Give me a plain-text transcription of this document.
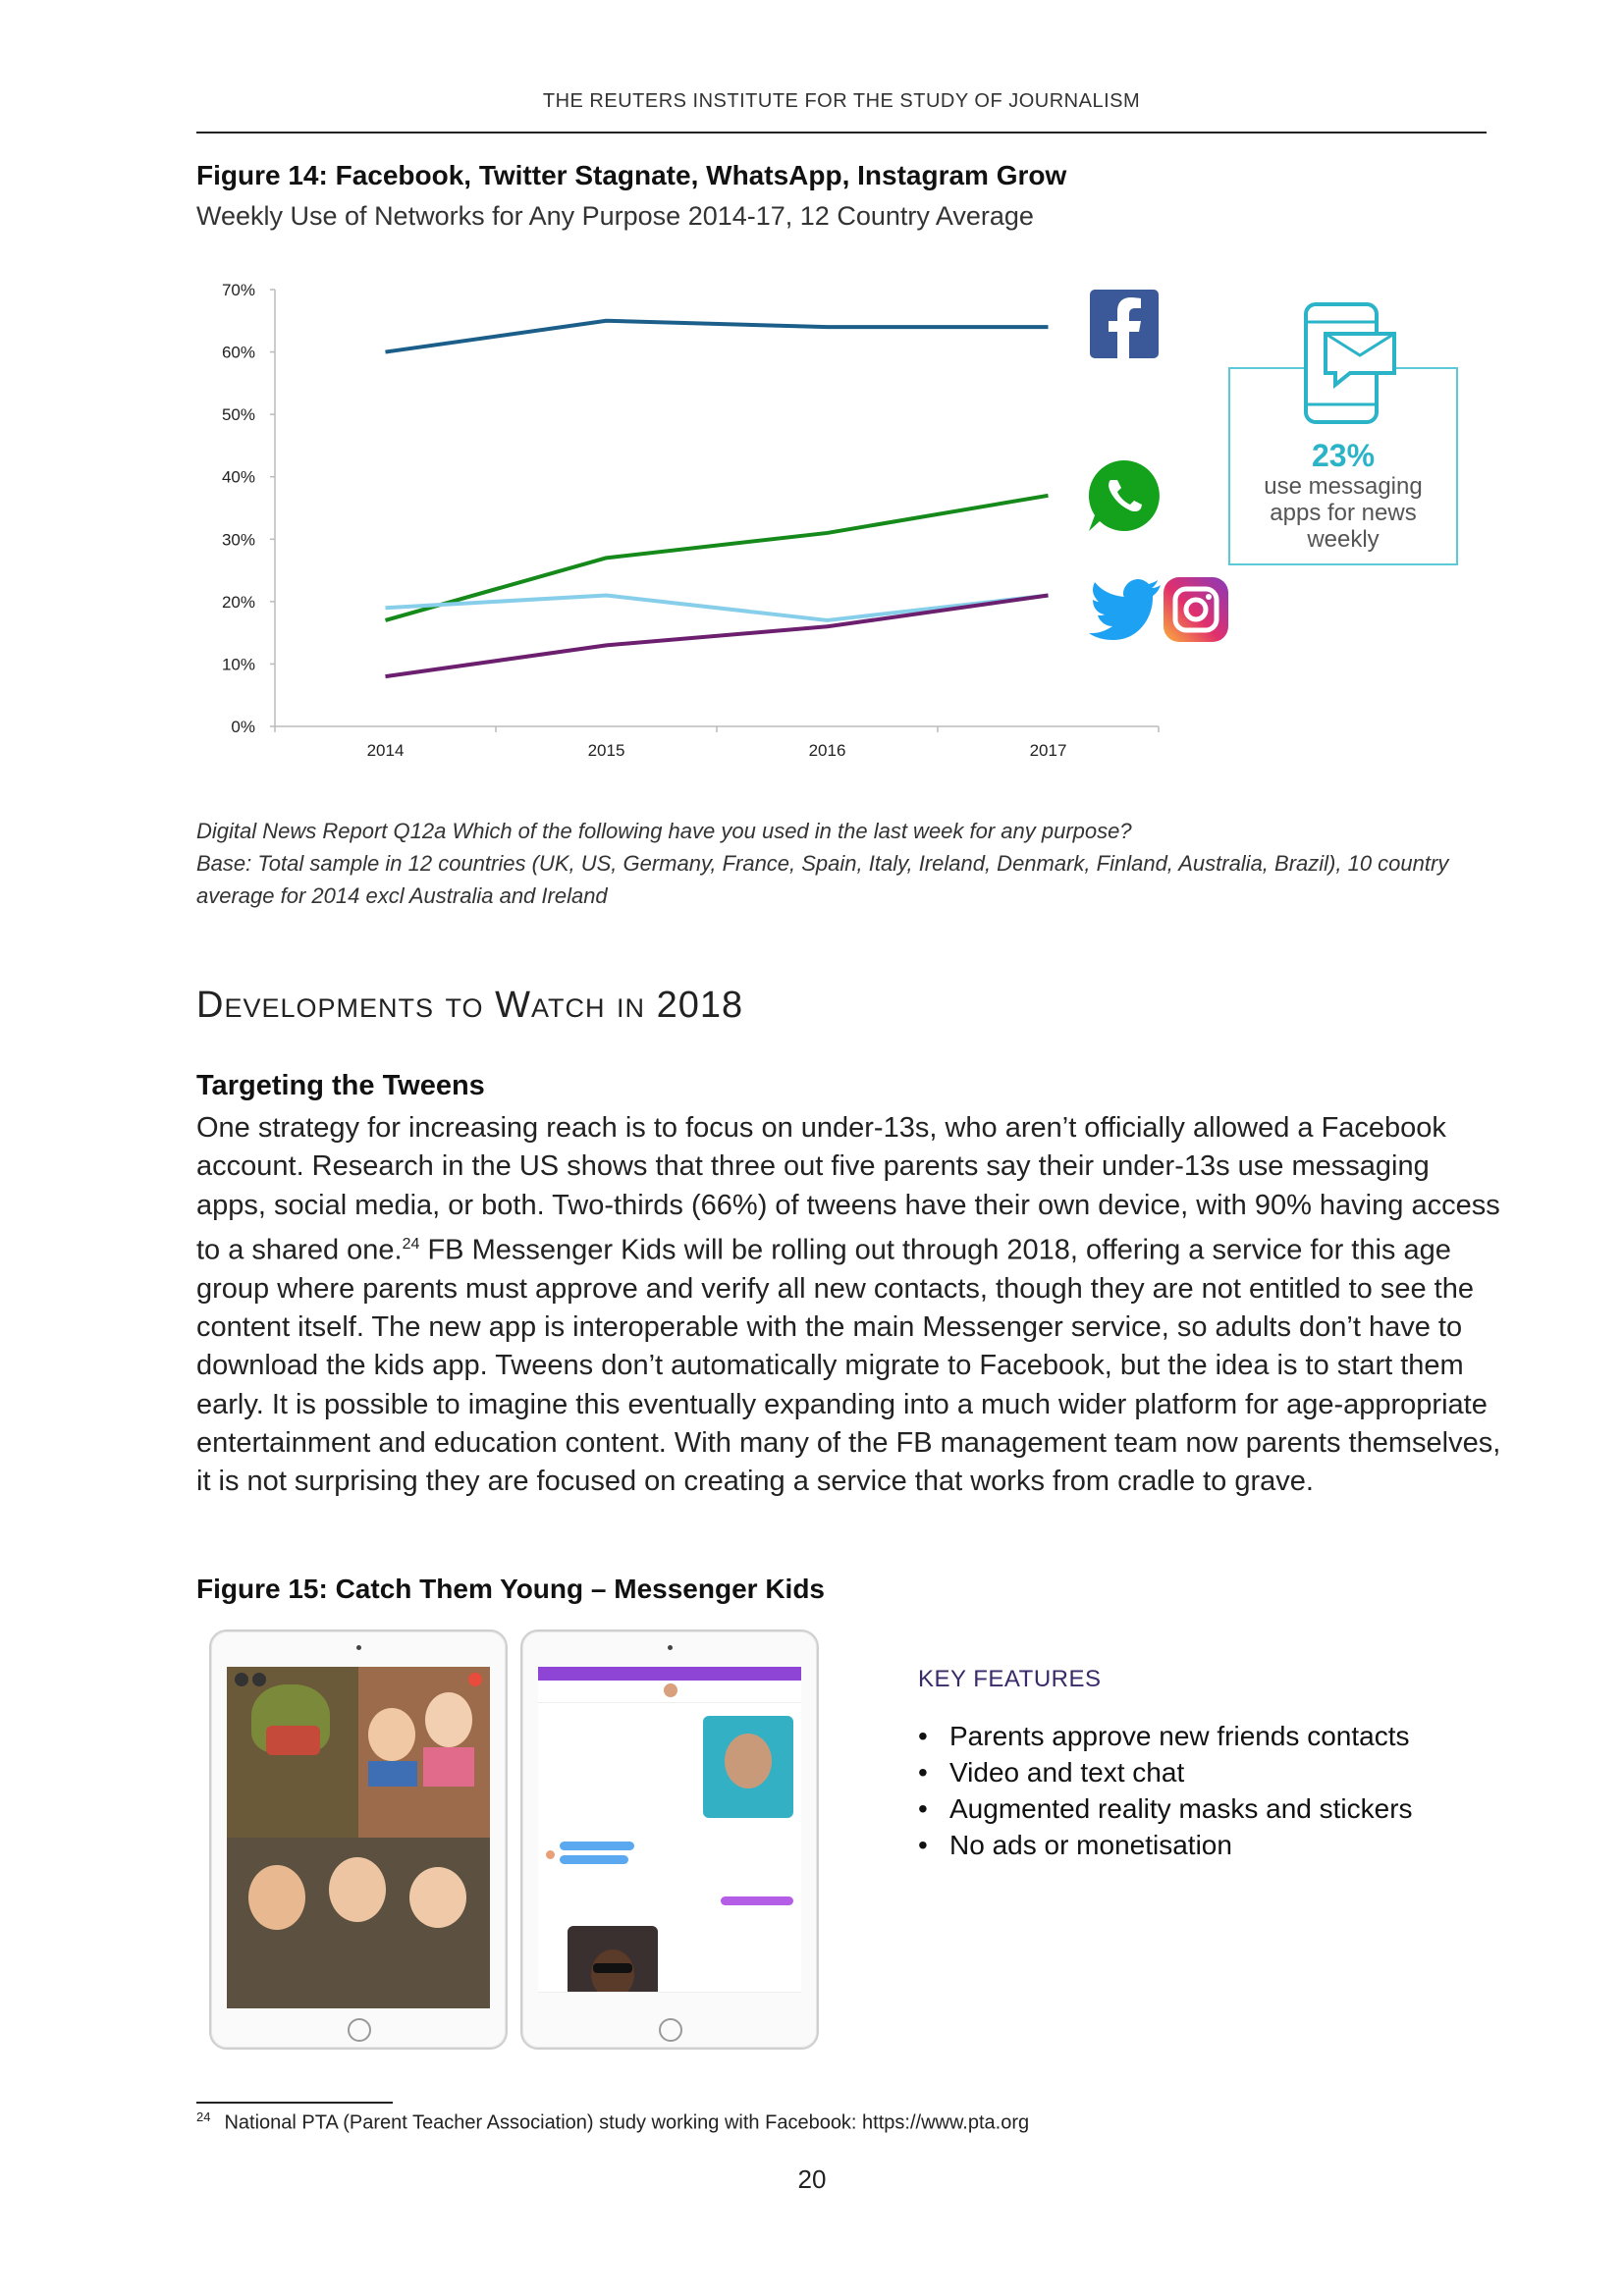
THE REUTERS INSTITUTE FOR THE STUDY OF JOURNALISM
Figure 14: Facebook, Twitter Stagnate, WhatsApp, Instagram Grow
Weekly Use of Networks for Any Purpose 2014-17, 12 Country Average
0%
10%
20%
30%
40%
50%
60%
70%
2014	2015	2016	2017
23%
use messaging
apps for news
weekly
Digital News Report Q12a Which of the following have you used in the last week for any purpose?
Base: Total sample in 12 countries (UK, US, Germany, France, Spain, Italy, Ireland, Denmark, Finland, Australia, Brazil), 10 country average for 2014 excl Australia and Ireland
Developments to Watch in 2018
Targeting the Tweens
One strategy for increasing reach is to focus on under-13s, who aren’t officially allowed a Facebook account. Research in the US shows that three out five parents say their under-13s use messaging apps, social media, or both. Two-thirds (66%) of tweens have their own device, with 90% having access to a shared one.$^{24}$ FB Messenger Kids will be rolling out through 2018, offering a service for this age group where parents must approve and verify all new contacts, though they are not entitled to see the content itself. The new app is interoperable with the main Messenger service, so adults don’t have to download the kids app. Tweens don’t automatically migrate to Facebook, but the idea is to start them early. It is possible to imagine this eventually expanding into a much wider platform for age-appropriate entertainment and education content. With many of the FB management team now parents themselves, it is not surprising they are focused on creating a service that works from cradle to grave.
Figure 15: Catch Them Young – Messenger Kids
KEY FEATURES
• Parents approve new friends contacts
• Video and text chat
• Augmented reality masks and stickers
• No ads or monetisation
$^{24}$ National PTA (Parent Teacher Association) study working with Facebook: https://www.pta.org
20
